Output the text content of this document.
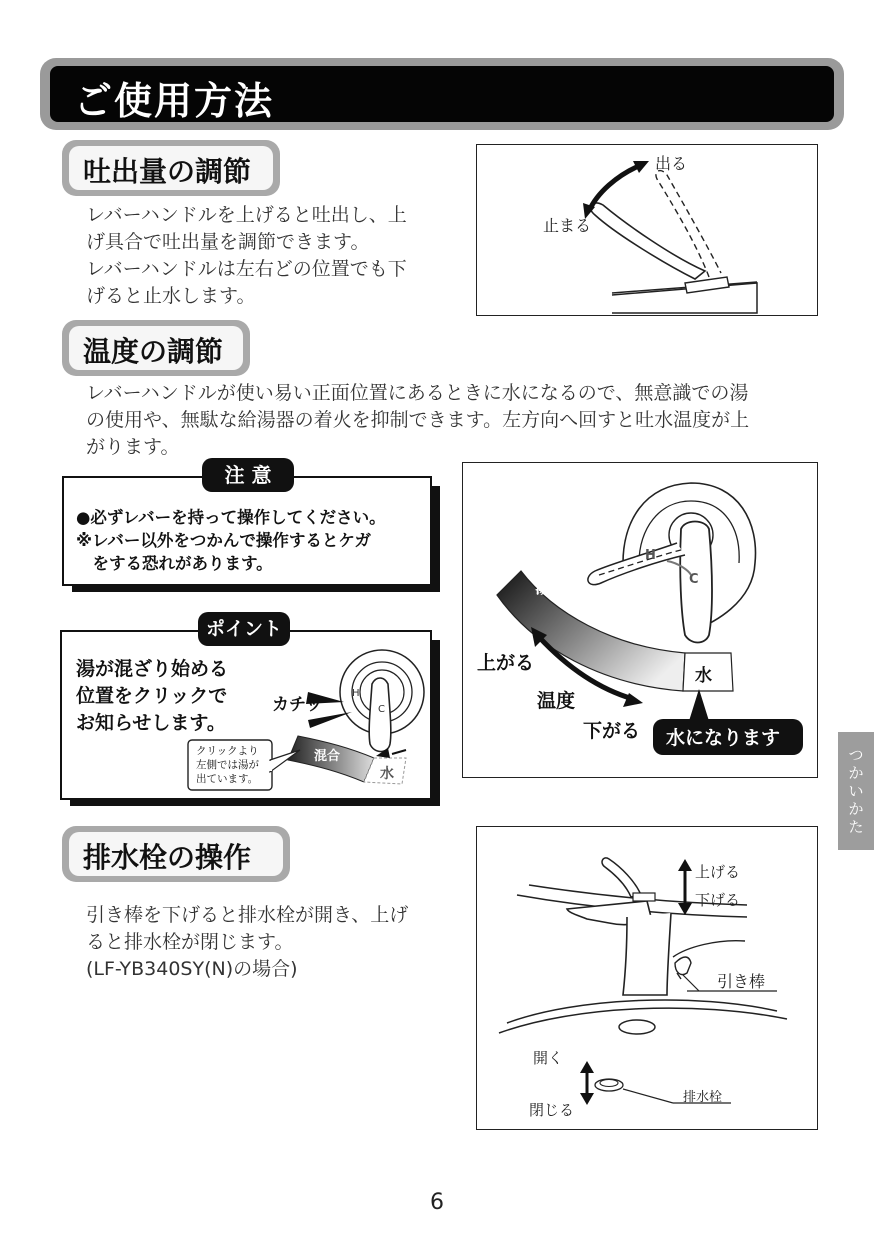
ご使用方法
吐出量の調節
レバーハンドルを上げると吐出し、上
げ具合で吐出量を調節できます。
レバーハンドルは左右どの位置でも下
げると止水します。
出る
止まる
温度の調節
レバーハンドルが使い易い正面位置にあるときに水になるので、無意識での湯
の使用や、無駄な給湯器の着火を抑制できます。左方向へ回すと吐水温度が上
がります。
●必ずレバーを持って操作してください。
※レバー以外をつかんで操作するとケガ
　をする恐れがあります。
注 意
湯が混ざり始める
位置をクリックで
お知らせします。
H
C
カチッ
混合
水
クリックより
左側では湯が
出ています。
ポイント
H
C
湯
水
上がる
温度
下がる 水になります
排水栓の操作
引き棒を下げると排水栓が開き、上げ
ると排水栓が閉じます。
(LF-YB340SY(N)の場合)
上げる
下げる
引き棒
開く
閉じる
排水栓
つかいかた
6
